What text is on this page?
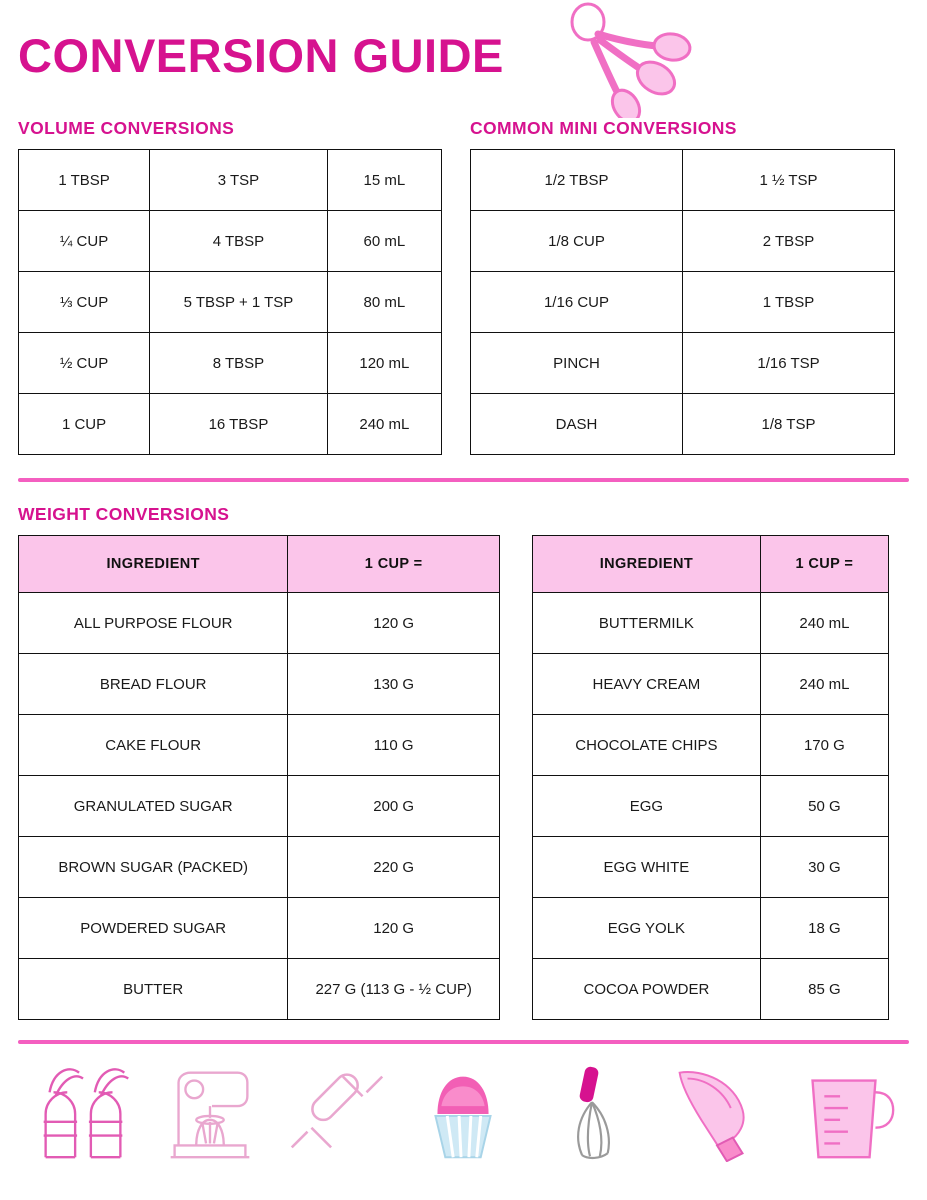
CONVERSION GUIDE
VOLUME CONVERSIONS
1 TBSP	3 TSP	15 mL
¼ CUP	4 TBSP	60 mL
⅓ CUP	5 TBSP + 1 TSP	80 mL
½ CUP	8 TBSP	120 mL
1 CUP	16 TBSP	240 mL
COMMON MINI CONVERSIONS
1/2 TBSP	1 ½ TSP
1/8 CUP	2 TBSP
1/16 CUP	1 TBSP
PINCH	1/16 TSP
DASH	1/8 TSP
WEIGHT CONVERSIONS
INGREDIENT	1 CUP =
ALL PURPOSE FLOUR	120 G
BREAD FLOUR	130 G
CAKE FLOUR	110 G
GRANULATED SUGAR	200 G
BROWN SUGAR (PACKED)	220 G
POWDERED SUGAR	120 G
BUTTER	227 G (113 G - ½ CUP)
INGREDIENT	1 CUP =
BUTTERMILK	240 mL
HEAVY CREAM	240 mL
CHOCOLATE CHIPS	170 G
EGG	50 G
EGG WHITE	30 G
EGG YOLK	18 G
COCOA POWDER	85 G
